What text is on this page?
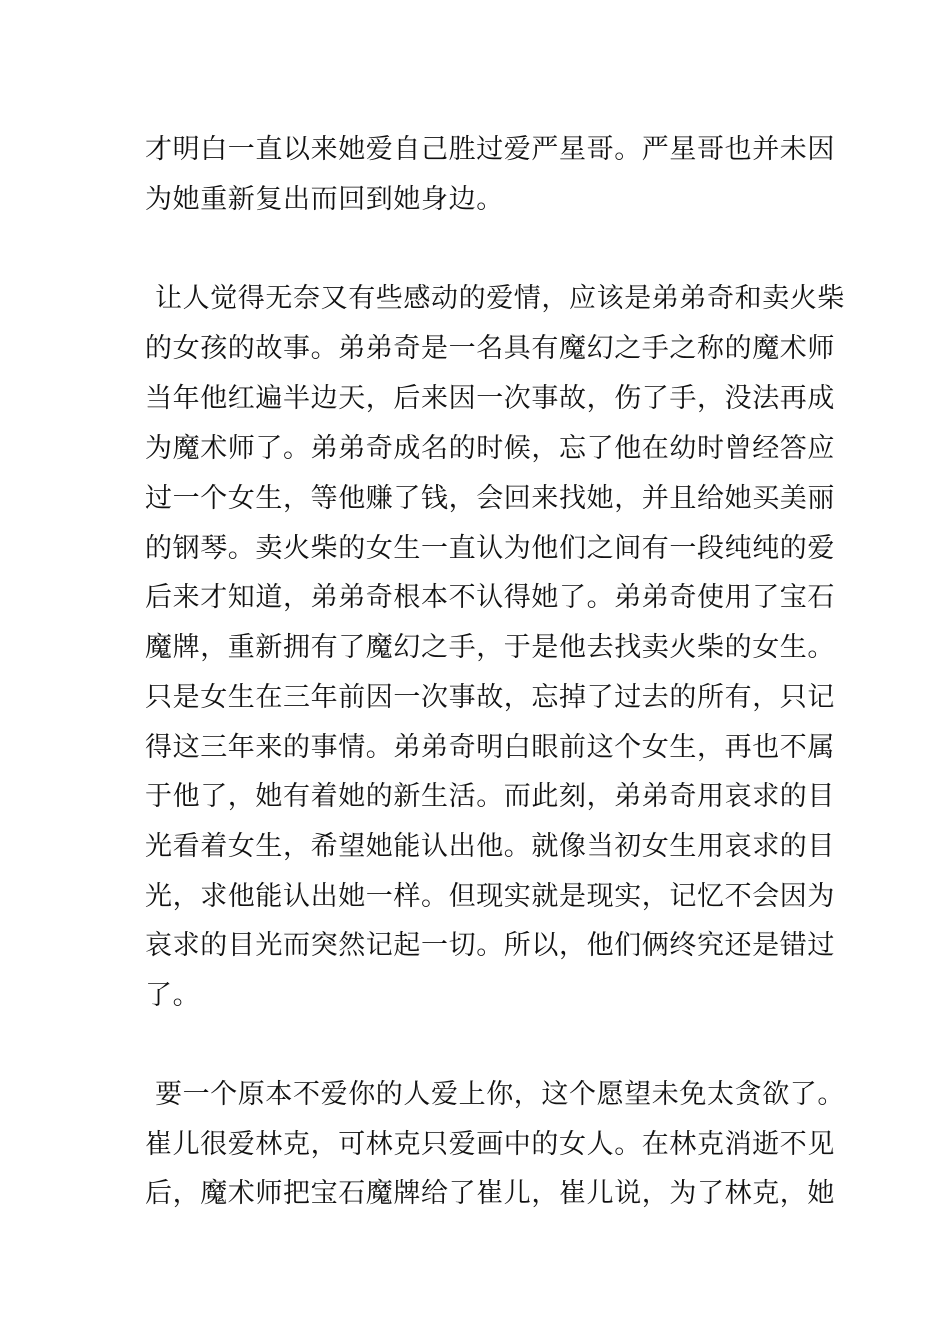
才明白一直以来她爱自己胜过爱严星哥。严星哥也并未因
为她重新复出而回到她身边。
让人觉得无奈又有些感动的爱情，应该是弟弟奇和卖火柴
的女孩的故事。弟弟奇是一名具有魔幻之手之称的魔术师
当年他红遍半边天，后来因一次事故，伤了手，没法再成
为魔术师了。弟弟奇成名的时候，忘了他在幼时曾经答应
过一个女生，等他赚了钱，会回来找她，并且给她买美丽
的钢琴。卖火柴的女生一直认为他们之间有一段纯纯的爱
后来才知道，弟弟奇根本不认得她了。弟弟奇使用了宝石
魔牌，重新拥有了魔幻之手，于是他去找卖火柴的女生。
只是女生在三年前因一次事故，忘掉了过去的所有，只记
得这三年来的事情。弟弟奇明白眼前这个女生，再也不属
于他了，她有着她的新生活。而此刻，弟弟奇用哀求的目
光看着女生，希望她能认出他。就像当初女生用哀求的目
光，求他能认出她一样。但现实就是现实，记忆不会因为
哀求的目光而突然记起一切。所以，他们俩终究还是错过
了。
要一个原本不爱你的人爱上你，这个愿望未免太贪欲了。
崔儿很爱林克，可林克只爱画中的女人。在林克消逝不见
后，魔术师把宝石魔牌给了崔儿，崔儿说，为了林克，她
